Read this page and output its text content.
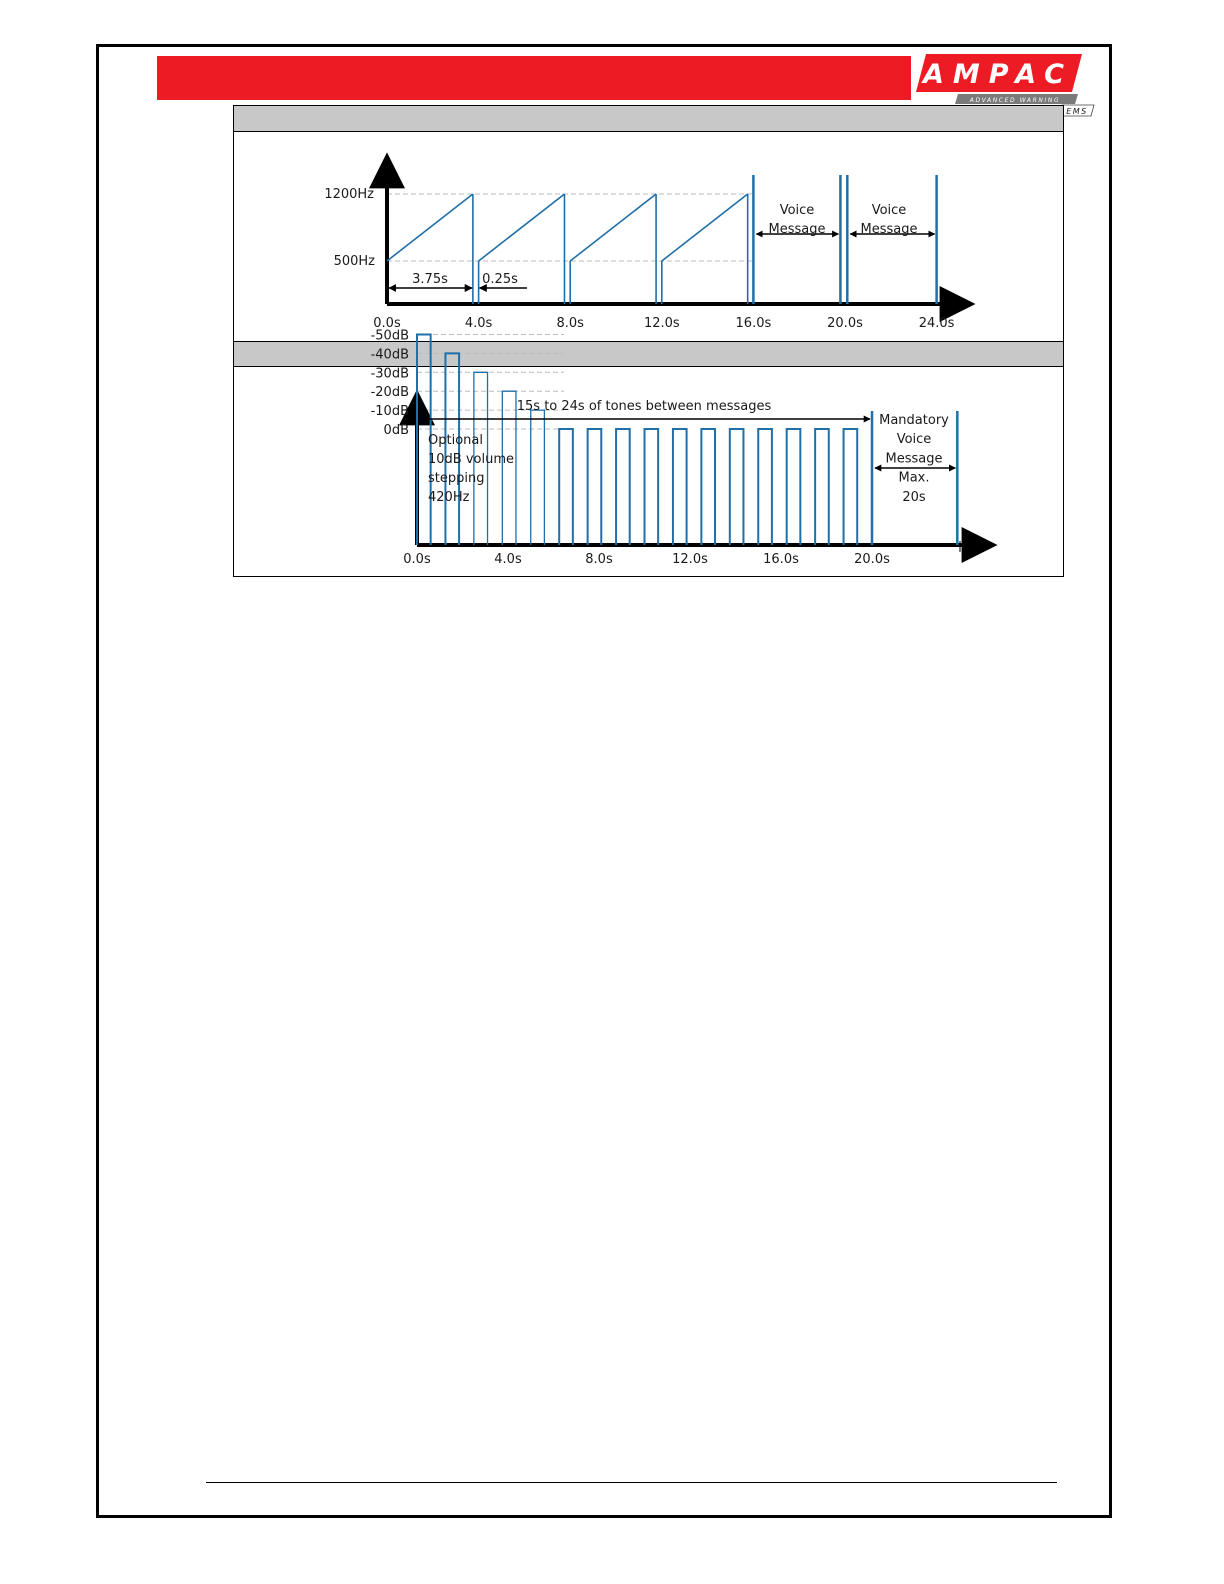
AMPAC
ADVANCED WARNING
EMS
1200Hz
500Hz
0.0s	4.0s	8.0s	12.0s	16.0s	20.0s	24.0s
3.75s	0.25s
Voice
Message
Voice
Message
0dB
-10dB
-20dB
-30dB
-40dB
-50dB
0.0s	4.0s	8.0s	12.0s	16.0s	20.0s
15s to 24s of tones between messages
Optional
10dB volume
stepping
420Hz
Mandatory
Voice
Message
Max.
20s
